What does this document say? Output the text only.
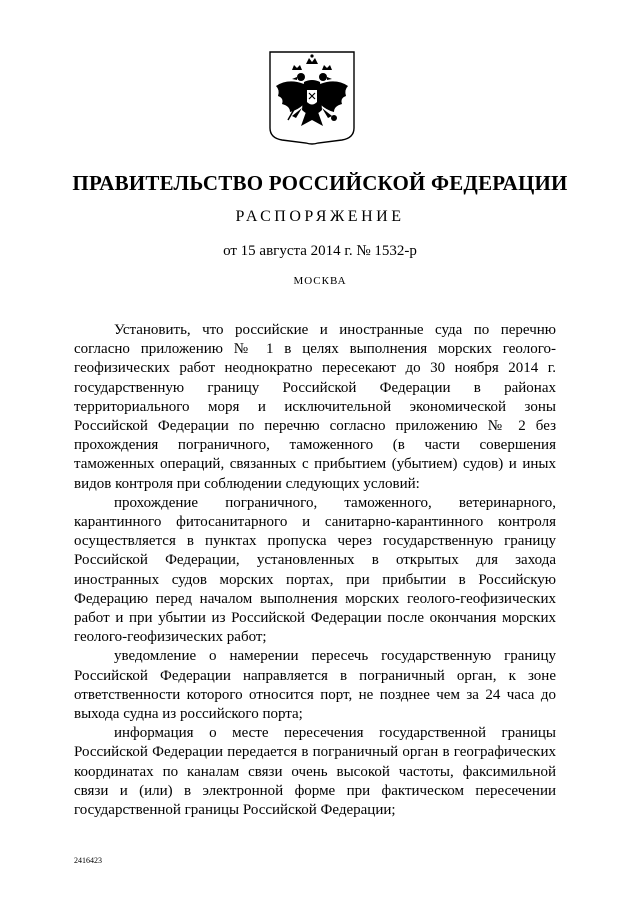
ПРАВИТЕЛЬСТВО РОССИЙСКОЙ ФЕДЕРАЦИИ
РАСПОРЯЖЕНИЕ
от 15 августа 2014 г. № 1532-р
МОСКВА

Установить, что российские и иностранные суда по перечню согласно приложению № 1 в целях выполнения морских геолого-геофизических работ неоднократно пересекают до 30 ноября 2014 г. государственную границу Российской Федерации в районах территориального моря и исключительной экономической зоны Российской Федерации по перечню согласно приложению № 2 без прохождения пограничного, таможенного (в части совершения таможенных операций, связанных с прибытием (убытием) судов) и иных видов контроля при соблюдении следующих условий:

прохождение пограничного, таможенного, ветеринарного, карантинного фитосанитарного и санитарно-карантинного контроля осуществляется в пунктах пропуска через государственную границу Российской Федерации, установленных в открытых для захода иностранных судов морских портах, при прибытии в Российскую Федерацию перед началом выполнения морских геолого-геофизических работ и при убытии из Российской Федерации после окончания морских геолого-геофизических работ;

уведомление о намерении пересечь государственную границу Российской Федерации направляется в пограничный орган, к зоне ответственности которого относится порт, не позднее чем за 24 часа до выхода судна из российского порта;

информация о месте пересечения государственной границы Российской Федерации передается в пограничный орган в географических координатах по каналам связи очень высокой частоты, факсимильной связи и (или) в электронной форме при фактическом пересечении государственной границы Российской Федерации;

2416423
